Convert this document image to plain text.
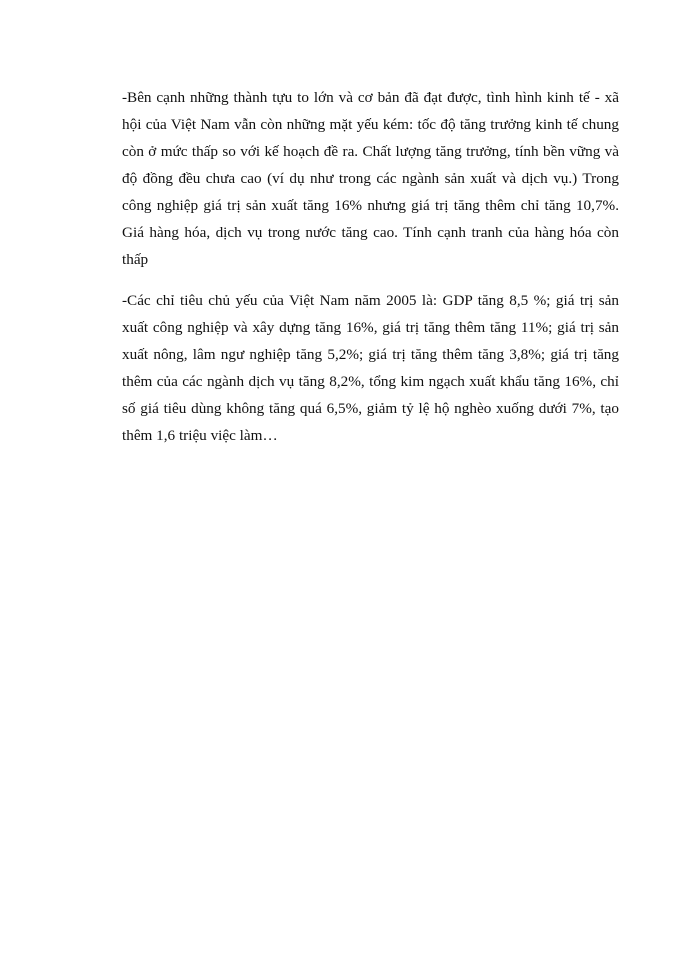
-Bên cạnh những thành tựu to lớn và cơ bản đã đạt được, tình hình kinh tế - xã hội của Việt Nam vẫn còn những mặt yếu kém: tốc độ tăng trưởng kinh tế chung còn ở mức thấp so với kế hoạch đề ra. Chất lượng tăng trưởng, tính bền vững và độ đồng đều chưa cao (ví dụ như trong các ngành sản xuất và dịch vụ.) Trong công nghiệp giá trị sản xuất tăng 16% nhưng giá trị tăng thêm chỉ tăng 10,7%. Giá hàng hóa, dịch vụ trong nước tăng cao. Tính cạnh tranh của hàng hóa còn thấp

-Các chỉ tiêu chủ yếu của Việt Nam năm 2005 là: GDP tăng 8,5 %; giá trị sản xuất công nghiệp và xây dựng tăng 16%, giá trị tăng thêm tăng 11%; giá trị sản xuất nông, lâm ngư nghiệp tăng 5,2%; giá trị tăng thêm tăng 3,8%; giá trị tăng thêm của các ngành dịch vụ tăng 8,2%, tổng kim ngạch xuất khẩu tăng 16%, chỉ số giá tiêu dùng không tăng quá 6,5%, giảm tỷ lệ hộ nghèo xuống dưới 7%, tạo thêm 1,6 triệu việc làm…
